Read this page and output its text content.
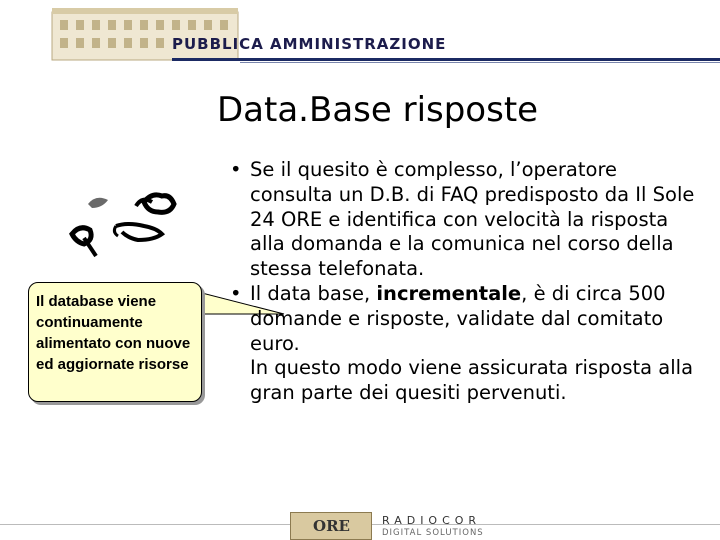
PUBBLICA AMMINISTRAZIONE
Data.Base risposte
Il database viene continuamente alimentato con nuove ed aggiornate risorse
• Se il quesito è complesso, l’operatore consulta un D.B. di FAQ predisposto da Il Sole 24 ORE e identifica con velocità la risposta alla domanda e la comunica nel corso della stessa telefonata.
• Il data base, incrementale, è di circa 500 domande e risposte, validate dal comitato euro.
In questo modo viene assicurata risposta alla gran parte dei quesiti pervenuti.
ORE	RADIOCOR
DIGITAL SOLUTIONS
